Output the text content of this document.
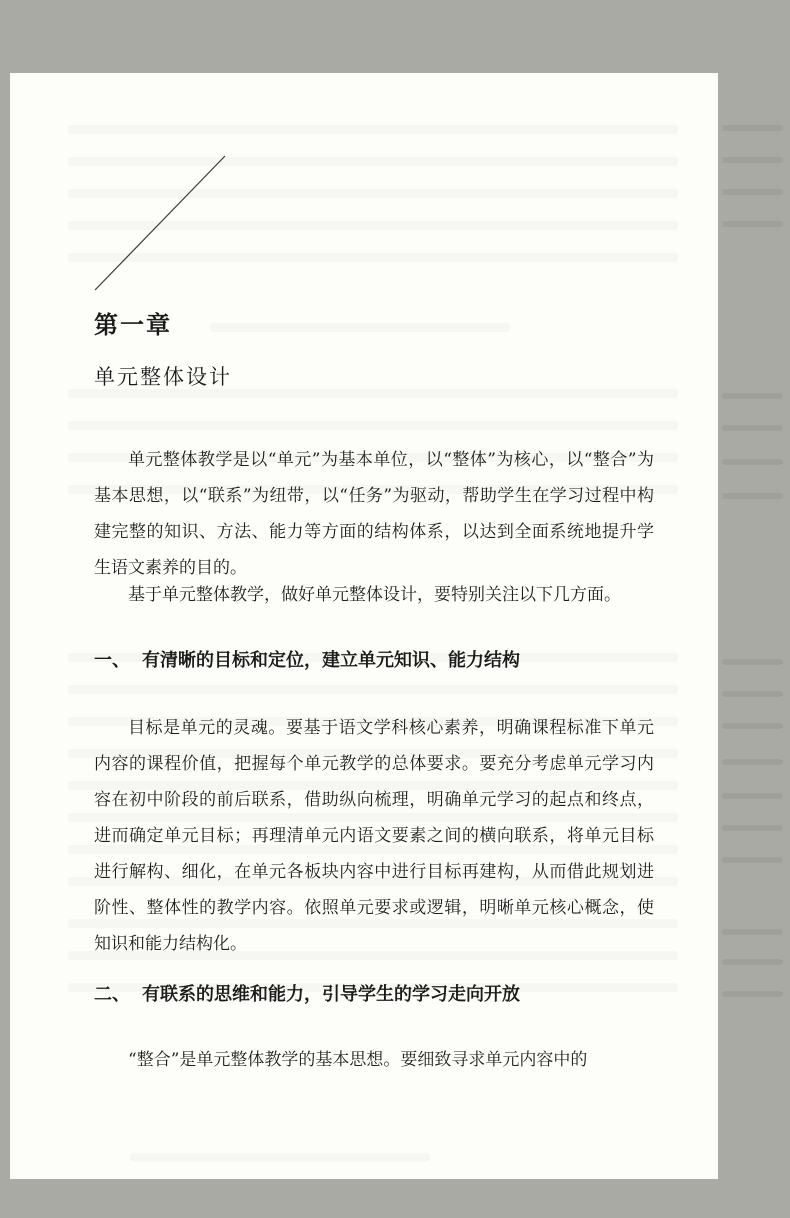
第一章
单元整体设计

单元整体教学是以“单元”为基本单位，以“整体”为核心，以“整合”为基本思想，以“联系”为纽带，以“任务”为驱动，帮助学生在学习过程中构建完整的知识、方法、能力等方面的结构体系，以达到全面系统地提升学生语文素养的目的。

基于单元整体教学，做好单元整体设计，要特别关注以下几方面。

一、 有清晰的目标和定位，建立单元知识、能力结构

目标是单元的灵魂。要基于语文学科核心素养，明确课程标准下单元内容的课程价值，把握每个单元教学的总体要求。要充分考虑单元学习内容在初中阶段的前后联系，借助纵向梳理，明确单元学习的起点和终点，进而确定单元目标；再理清单元内语文要素之间的横向联系，将单元目标进行解构、细化，在单元各板块内容中进行目标再建构，从而借此规划进阶性、整体性的教学内容。依照单元要求或逻辑，明晰单元核心概念，使知识和能力结构化。

二、 有联系的思维和能力，引导学生的学习走向开放

“整合”是单元整体教学的基本思想。要细致寻求单元内容中的
